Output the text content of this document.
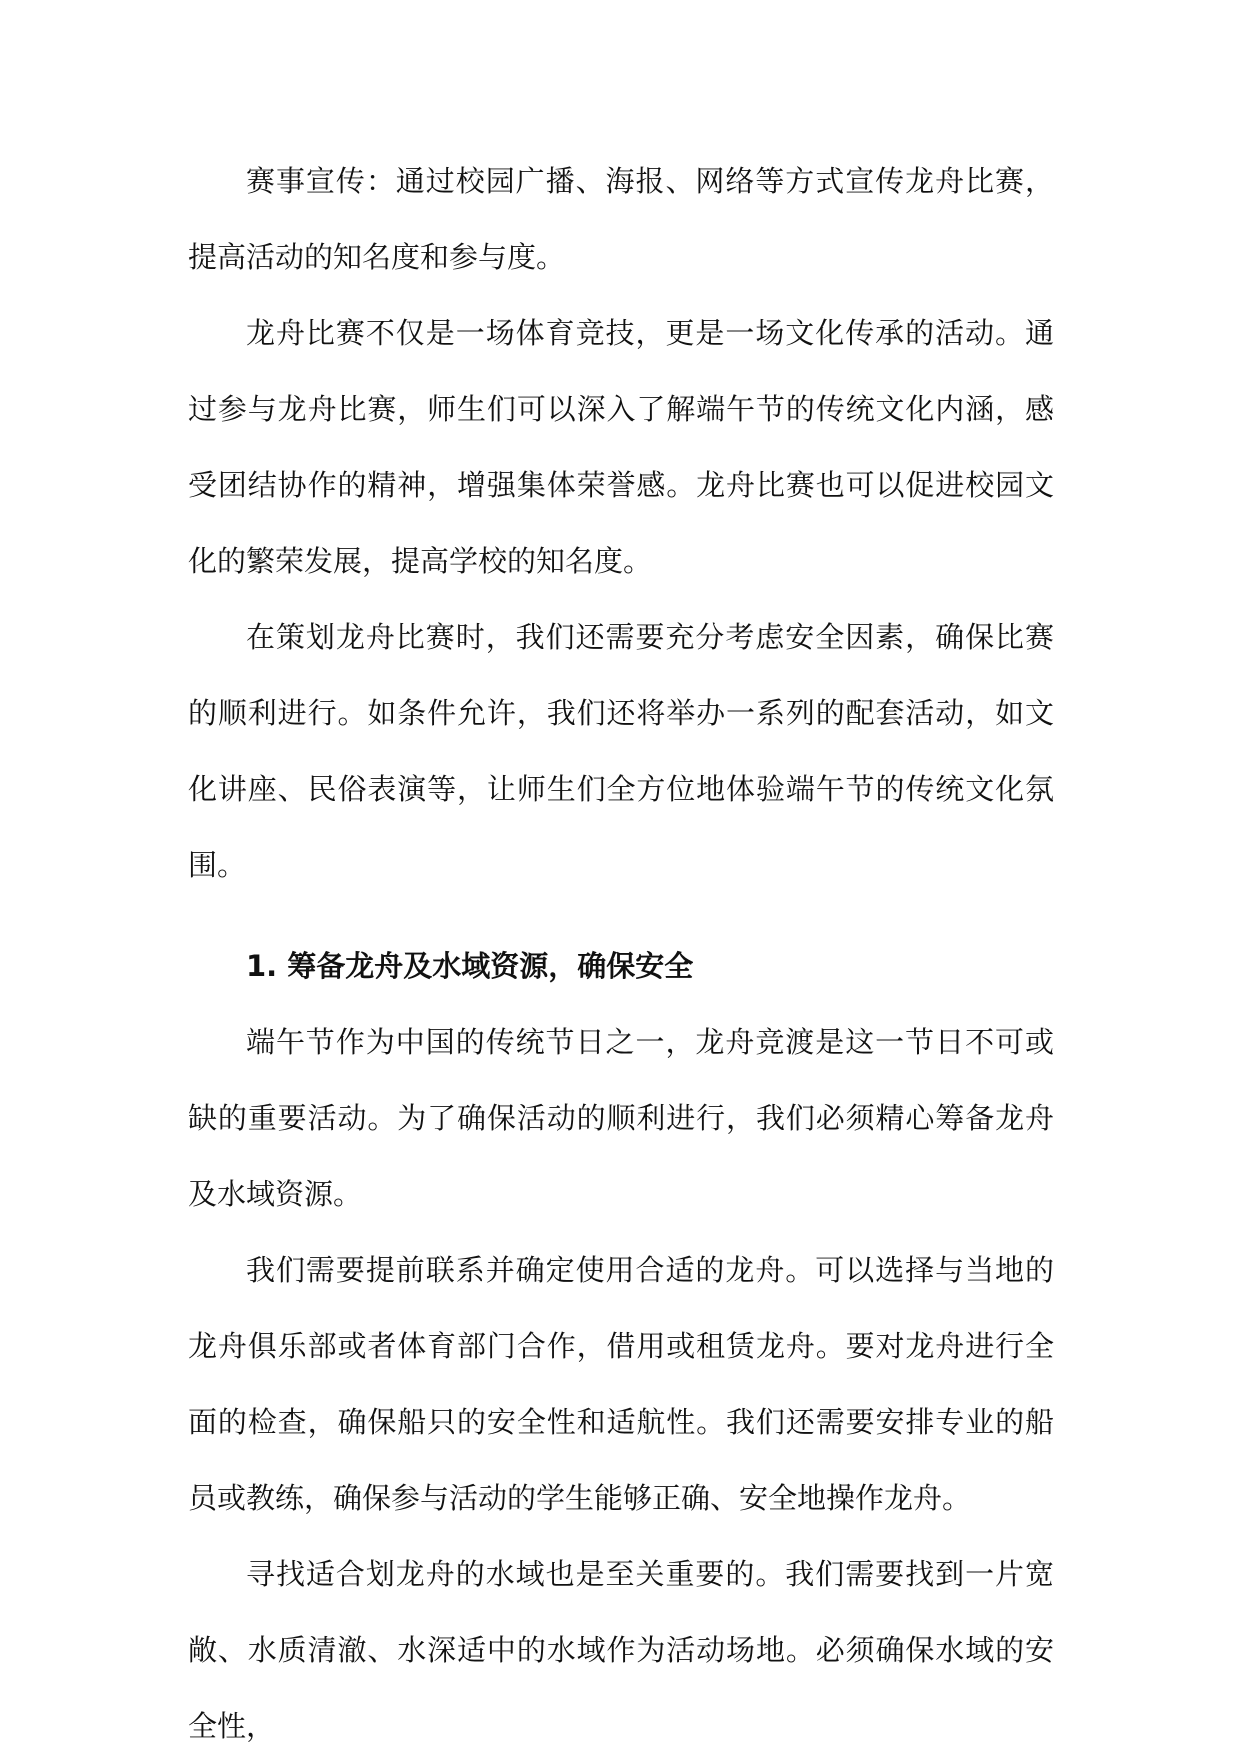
赛事宣传：通过校园广播、海报、网络等方式宣传龙舟比赛，提高活动的知名度和参与度。

龙舟比赛不仅是一场体育竞技，更是一场文化传承的活动。通过参与龙舟比赛，师生们可以深入了解端午节的传统文化内涵，感受团结协作的精神，增强集体荣誉感。龙舟比赛也可以促进校园文化的繁荣发展，提高学校的知名度。

在策划龙舟比赛时，我们还需要充分考虑安全因素，确保比赛的顺利进行。如条件允许，我们还将举办一系列的配套活动，如文化讲座、民俗表演等，让师生们全方位地体验端午节的传统文化氛围。

1. 筹备龙舟及水域资源，确保安全

端午节作为中国的传统节日之一，龙舟竞渡是这一节日不可或缺的重要活动。为了确保活动的顺利进行，我们必须精心筹备龙舟及水域资源。

我们需要提前联系并确定使用合适的龙舟。可以选择与当地的龙舟俱乐部或者体育部门合作，借用或租赁龙舟。要对龙舟进行全面的检查，确保船只的安全性和适航性。我们还需要安排专业的船员或教练，确保参与活动的学生能够正确、安全地操作龙舟。

寻找适合划龙舟的水域也是至关重要的。我们需要找到一片宽敞、水质清澈、水深适中的水域作为活动场地。必须确保水域的安全性，
